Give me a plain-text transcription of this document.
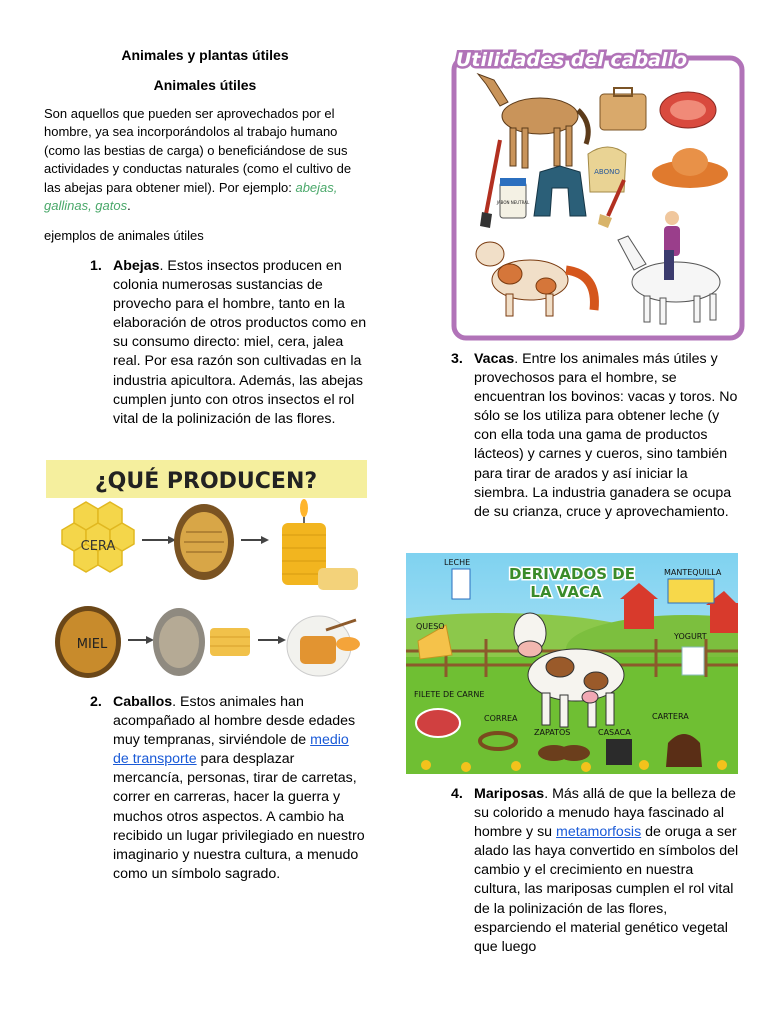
Animales y plantas útiles
Animales útiles

Son aquellos que pueden ser aprovechados por el hombre, ya sea incorporándolos al trabajo humano (como las bestias de carga) o beneficiándose de sus actividades y conductas naturales (como el cultivo de las abejas para obtener miel). Por ejemplo: abejas, gallinas, gatos.

ejemplos de animales útiles

1. Abejas. Estos insectos producen en colonia numerosas sustancias de provecho para el hombre, tanto en la elaboración de otros productos como en su consumo directo: miel, cera, jalea real. Por esa razón son cultivadas en la industria apicultora. Además, las abejas cumplen junto con otros insectos el rol vital de la polinización de las flores.
¿QUÉ PRODUCEN?
CERA
MIEL
2. Caballos. Estos animales han acompañado al hombre desde edades muy tempranas, sirviéndole de medio de transporte para desplazar mercancía, personas, tirar de carretas, correr en carreras, hacer la guerra y muchos otros aspectos. A cambio ha recibido un lugar privilegiado en nuestro imaginario y nuestra cultura, a menudo como un símbolo sagrado.
Utilidades del caballo
JABON NEUTRAL
ABONO
3. Vacas. Entre los animales más útiles y provechosos para el hombre, se encuentran los bovinos: vacas y toros. No sólo se los utiliza para obtener leche (y con ella toda una gama de productos lácteos) y carnes y cueros, sino también para tirar de arados y así iniciar la siembra. La industria ganadera se ocupa de su crianza, cruce y aprovechamiento.
DERIVADOS DE
LA VACA
LECHE
MANTEQUILLA
QUESO
YOGURT
FILETE DE CARNE
CORREA
ZAPATOS	CASACA
CARTERA
4. Mariposas. Más allá de que la belleza de su colorido a menudo haya fascinado al hombre y su metamorfosis de oruga a ser alado las haya convertido en símbolos del cambio y el crecimiento en nuestra cultura, las mariposas cumplen el rol vital de la polinización de las flores, esparciendo el material genético vegetal que luego
